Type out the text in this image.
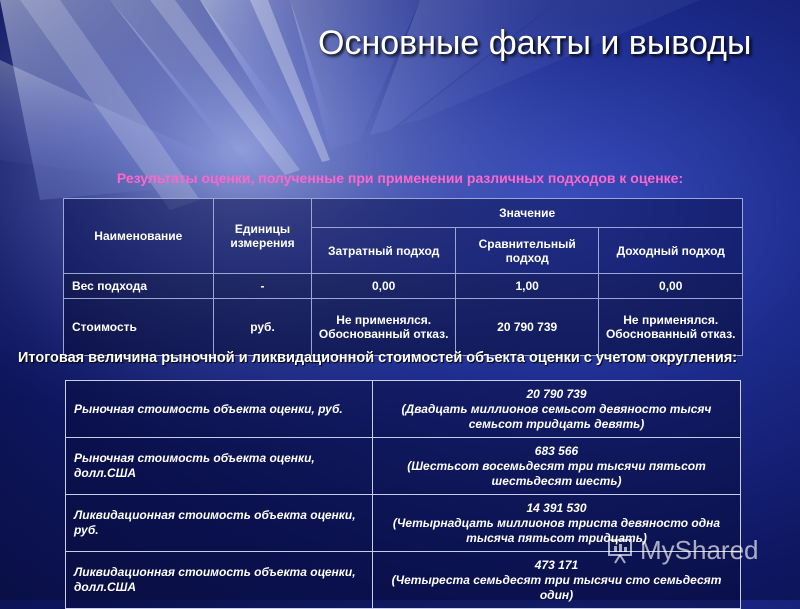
Основные факты и выводы
Результаты оценки, полученные при применении различных подходов к оценке:
Наименование	Единицы измерения	Значение		
		Затратный подход	Сравнительный подход	Доходный подход
Вес подхода	-	0,00	1,00	0,00
Стоимость	руб.	Не применялся. Обоснованный отказ.	20 790 739	Не применялся. Обоснованный отказ.
Итоговая величина рыночной и ликвидационной стоимостей объекта оценки с учетом округления:
Рыночная стоимость объекта оценки, руб.	20 790 739
(Двадцать миллионов семьсот девяносто тысяч семьсот тридцать девять)

Рыночная стоимость объекта оценки, долл.США	683 566
(Шестьсот восемьдесят три тысячи пятьсот шестьдесят шесть)

Ликвидационная стоимость объекта оценки, руб.	14 391 530
(Четырнадцать миллионов триста девяносто одна тысяча пятьсот тридцать)

Ликвидационная стоимость объекта оценки, долл.США	473 171
(Четыреста семьдесят три тысячи сто семьдесят один)
MyShared
